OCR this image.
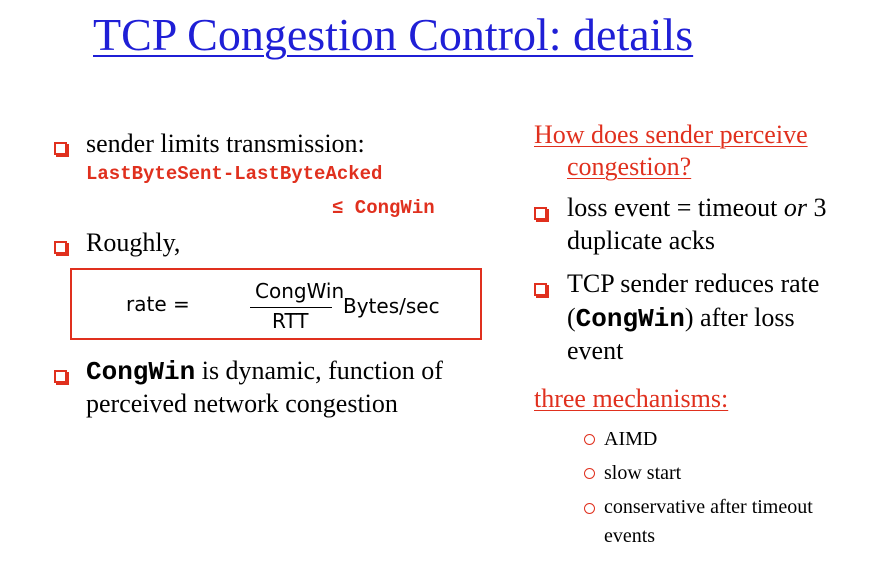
TCP Congestion Control: details
sender limits transmission:
LastByteSent-LastByteAcked
≤ CongWin
Roughly,
rate =
CongWin
RTT
Bytes/sec
CongWin is dynamic, function of
perceived network congestion
How does sender perceive
congestion?
loss event = timeout or 3
duplicate acks
TCP sender reduces rate
(CongWin) after loss
event
three mechanisms:
AIMD
slow start
conservative after timeout
events
